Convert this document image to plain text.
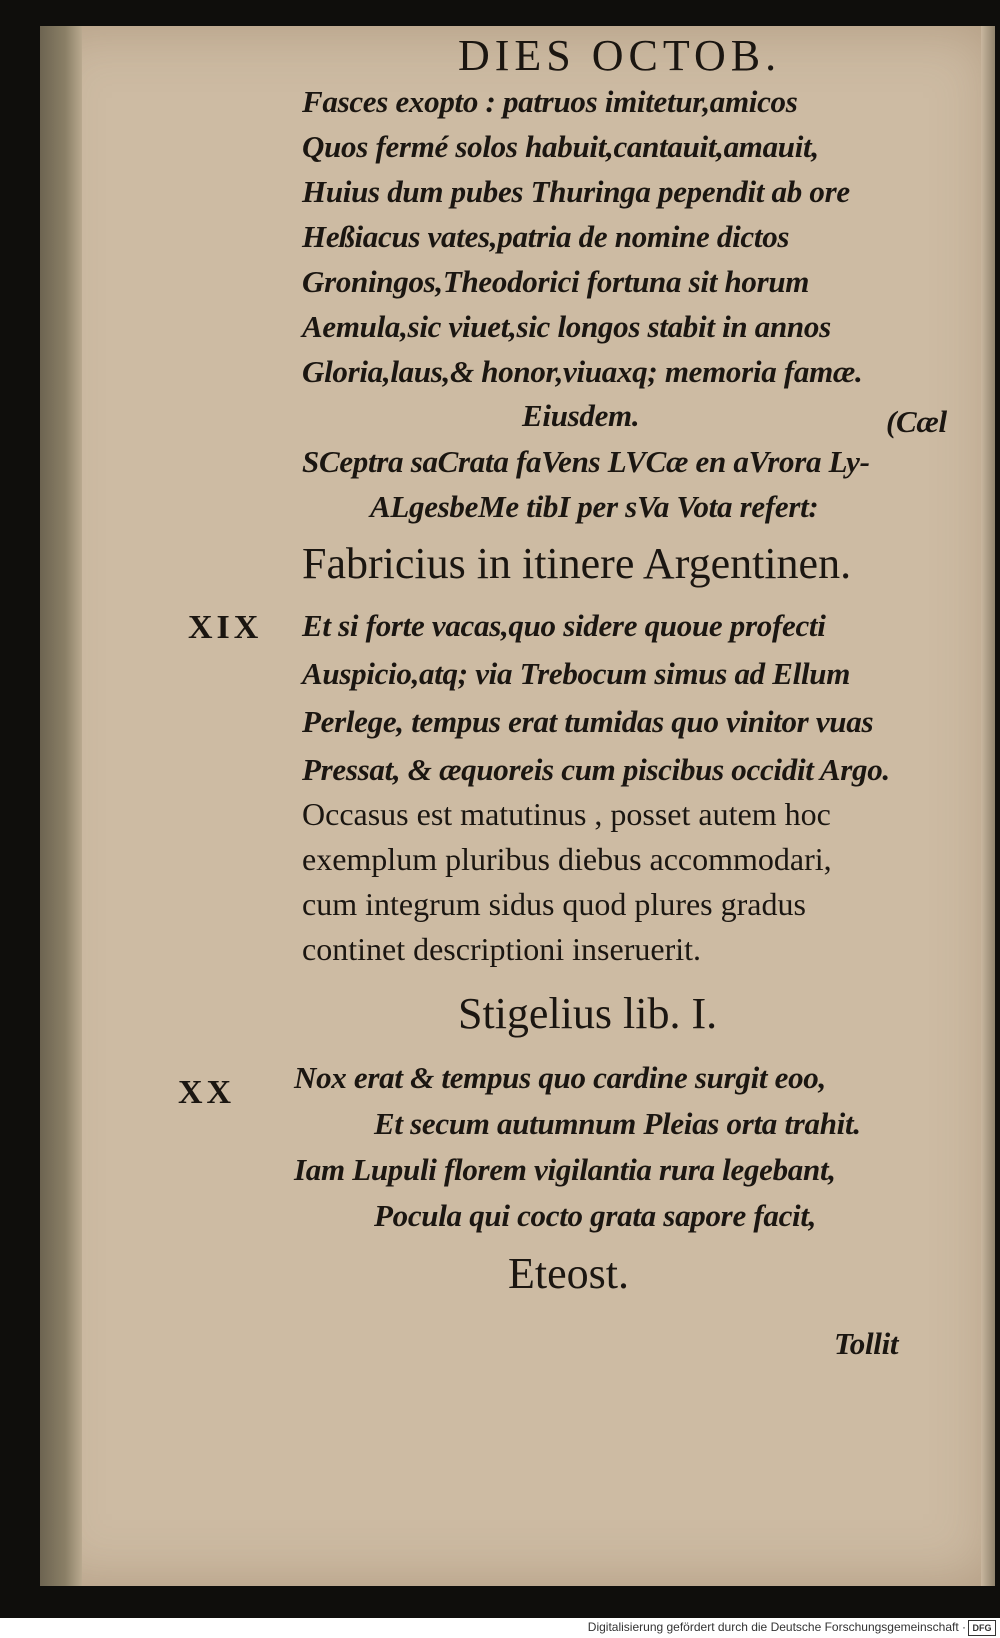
DIES OCTOB.
Fasces exopto : patruos imitetur,amicos
Quos fermé solos habuit,cantauit,amauit,
Huius dum pubes Thuringa pependit ab ore
Heßiacus vates,patria de nomine dictos
Groningos,Theodorici fortuna sit horum
Aemula,sic viuet,sic longos stabit in annos
Gloria,laus,& honor,viuaxq; memoria famæ.
Eiusdem.	(Cæl
SCeptra saCrata faVens LVCæ en aVrora Ly-
ALgesbeMe tibI per sVa Vota refert:
Fabricius in itinere Argentinen.
XIX Et si forte vacas,quo sidere quoue profecti
Auspicio,atq; via Trebocum simus ad Ellum
Perlege, tempus erat tumidas quo vinitor vuas
Pressat, & æquoreis cum piscibus occidit Argo.
Occasus est matutinus , posset autem hoc
exemplum pluribus diebus accommodari,
cum integrum sidus quod plures gradus
continet descriptioni inseruerit.
Stigelius lib. I.
XX Nox erat & tempus quo cardine surgit eoo,
Et secum autumnum Pleias orta trahit.
Iam Lupuli florem vigilantia rura legebant,
Pocula qui cocto grata sapore facit,
Eteost.
Tollit
Digitalisierung gefördert durch die Deutsche Forschungsgemeinschaft · DFG
